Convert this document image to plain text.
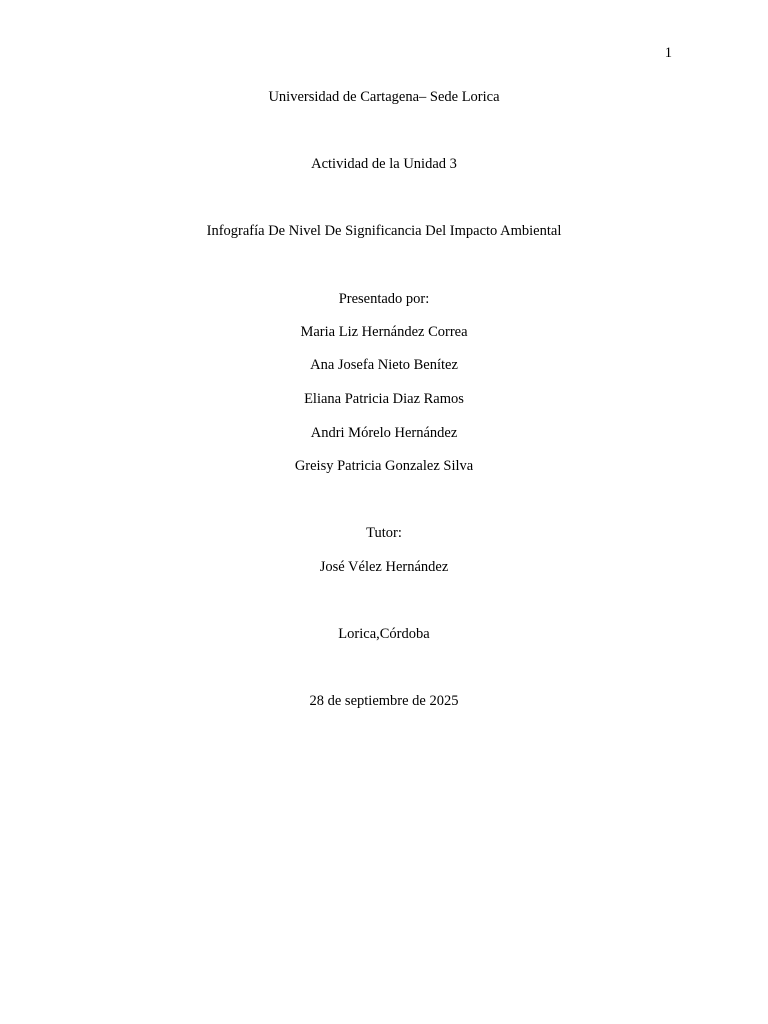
1
Universidad de Cartagena– Sede Lorica
Actividad de la Unidad 3
Infografía De Nivel De Significancia Del Impacto Ambiental
Presentado por:
Maria Liz Hernández Correa
Ana Josefa Nieto Benítez
Eliana Patricia Diaz Ramos
Andri Mórelo Hernández
Greisy Patricia Gonzalez Silva
Tutor:
José Vélez Hernández
Lorica,Córdoba
28 de septiembre de 2025
